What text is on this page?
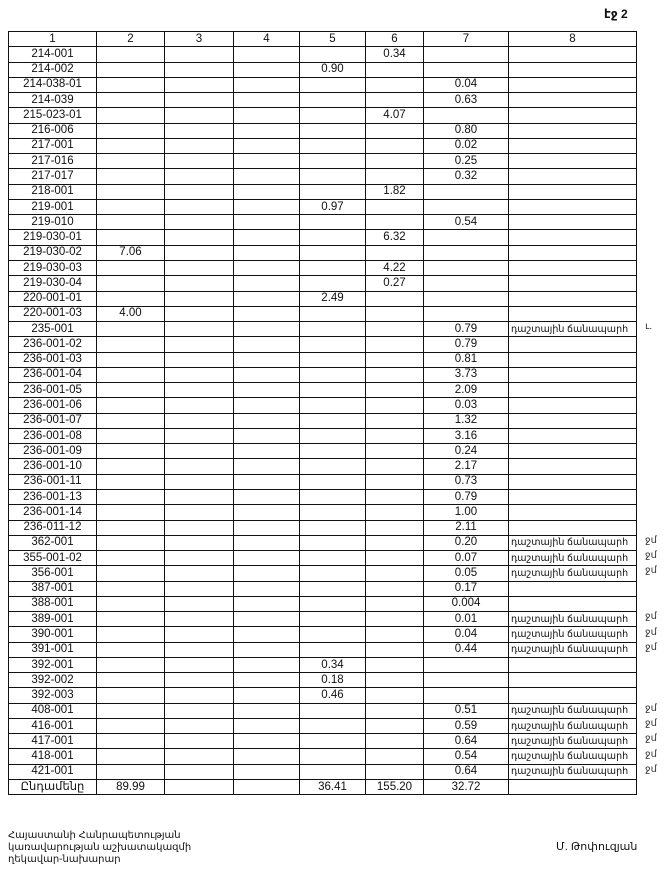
էջ 2
1	2	3	4	5	6	7	8
214-001					0.34		
214-002				0.90			
214-038-01						0.04	
214-039						0.63	
215-023-01					4.07		
216-006						0.80	
217-001						0.02	
217-016						0.25	
217-017						0.32	
218-001					1.82		
219-001				0.97			
219-010						0.54	
219-030-01					6.32		
219-030-02	7.06						
219-030-03					4.22		
219-030-04					0.27		
220-001-01				2.49			
220-001-03	4.00						
235-001						0.79	դաշտային ճանապարհ
236-001-02						0.79	
236-001-03						0.81	
236-001-04						3.73	
236-001-05						2.09	
236-001-06						0.03	
236-001-07						1.32	
236-001-08						3.16	
236-001-09						0.24	
236-001-10						2.17	
236-001-11						0.73	
236-001-13						0.79	
236-001-14						1.00	
236-011-12						2.11	
362-001						0.20	դաշտային ճանապարհ
355-001-02						0.07	դաշտային ճանապարհ
356-001						0.05	դաշտային ճանապարհ
387-001						0.17	
388-001						0.004	
389-001						0.01	դաշտային ճանապարհ
390-001						0.04	դաշտային ճանապարհ
391-001						0.44	դաշտային ճանապարհ
392-001				0.34			
392-002				0.18			
392-003				0.46			
408-001						0.51	դաշտային ճանապարհ
416-001						0.59	դաշտային ճանապարհ
417-001						0.64	դաշտային ճանապարհ
418-001						0.54	դաշտային ճանապարհ
421-001						0.64	դաշտային ճանապարհ
Ընդամենը	89.99			36.41	155.20	32.72	
ւ.
ջմ
ջմ
ջմ
ջմ
ջմ
ջմ
ջմ
ջմ
ջմ
ջմ
ջմ
Հայաստանի Հանրապետության
կառավարության աշխատակազմի
ղեկավար-նախարար
Մ. Թոփուզյան
